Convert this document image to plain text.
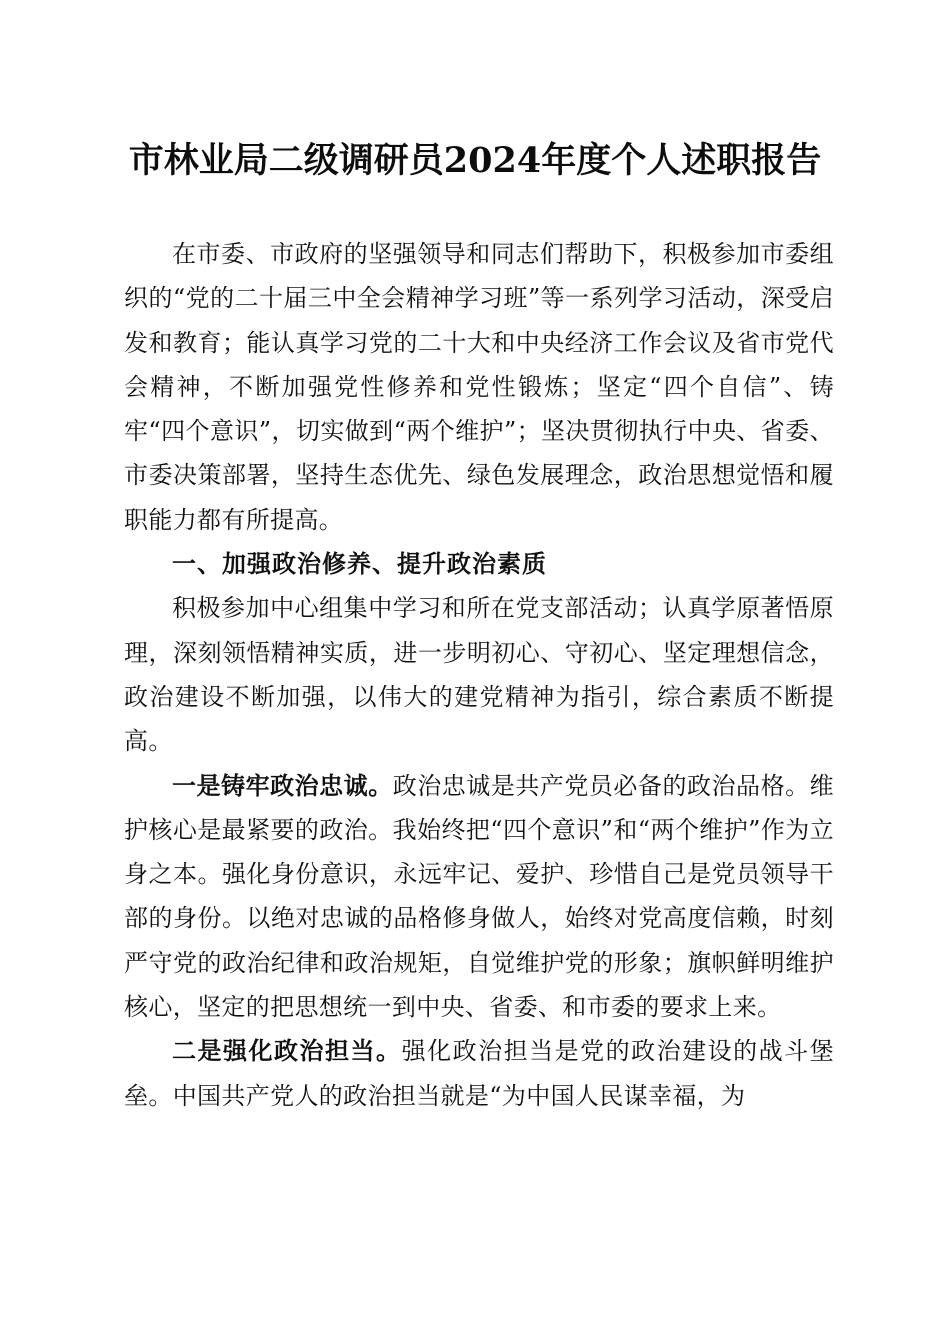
市林业局二级调研员2024年度个人述职报告

在市委、市政府的坚强领导和同志们帮助下，积极参加市委组织的“党的二十届三中全会精神学习班”等一系列学习活动，深受启发和教育；能认真学习党的二十大和中央经济工作会议及省市党代会精神，不断加强党性修养和党性锻炼；坚定“四个自信”、铸牢“四个意识”，切实做到“两个维护”；坚决贯彻执行中央、省委、市委决策部署，坚持生态优先、绿色发展理念，政治思想觉悟和履职能力都有所提高。

一、加强政治修养、提升政治素质

积极参加中心组集中学习和所在党支部活动；认真学原著悟原理，深刻领悟精神实质，进一步明初心、守初心、坚定理想信念，政治建设不断加强，以伟大的建党精神为指引，综合素质不断提高。

一是铸牢政治忠诚。政治忠诚是共产党员必备的政治品格。维护核心是最紧要的政治。我始终把“四个意识”和“两个维护”作为立身之本。强化身份意识，永远牢记、爱护、珍惜自己是党员领导干部的身份。以绝对忠诚的品格修身做人，始终对党高度信赖，时刻严守党的政治纪律和政治规矩，自觉维护党的形象；旗帜鲜明维护核心，坚定的把思想统一到中央、省委、和市委的要求上来。

二是强化政治担当。强化政治担当是党的政治建设的战斗堡垒。中国共产党人的政治担当就是“为中国人民谋幸福，为
